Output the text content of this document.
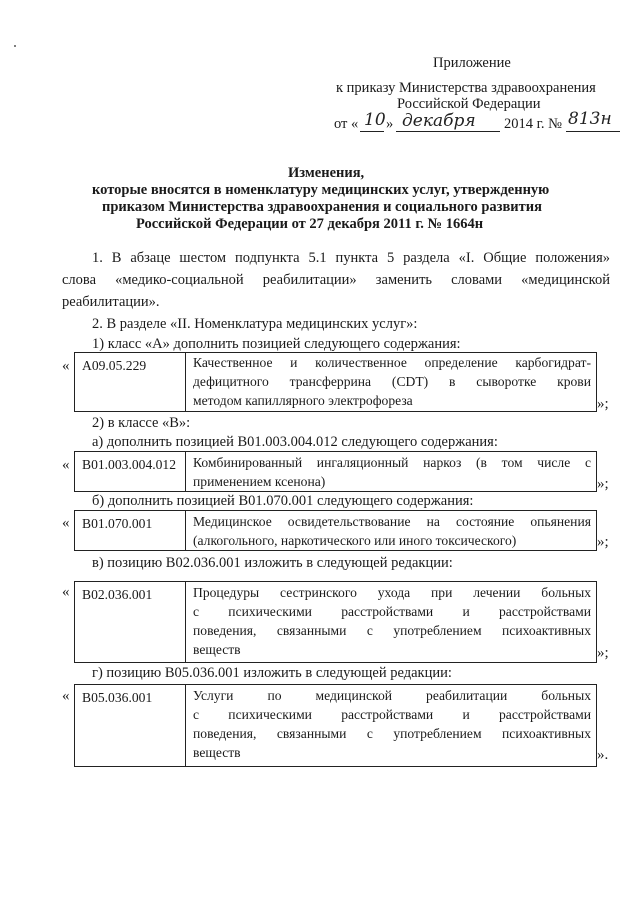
Приложение
к приказу Министерства здравоохранения
Российской Федерации
от « 10 » декабря 2014 г. № 813н
Изменения,
которые вносятся в номенклатуру медицинских услуг, утвержденную
приказом Министерства здравоохранения и социального развития
Российской Федерации от 27 декабря 2011 г. № 1664н
1. В абзаце шестом подпункта 5.1 пункта 5 раздела «I. Общие положения»
слова «медико-социальной реабилитации» заменить словами «медицинской
реабилитации».
2. В разделе «II. Номенклатура медицинских услуг»:
1) класс «А» дополнить позицией следующего содержания:
« А09.05.229	Качественное и количественное определение карбогидрат-
дефицитного трансферрина (CDT) в сыворотке крови
методом капиллярного электрофореза	»;
2) в классе «В»:
а) дополнить позицией В01.003.004.012 следующего содержания:
« В01.003.004.012 Комбинированный ингаляционный наркоз (в том числе с
применением ксенона)	»;
б) дополнить позицией В01.070.001 следующего содержания:
« В01.070.001	Медицинское освидетельствование на состояние опьянения
(алкогольного, наркотического или иного токсического)	»;
в) позицию В02.036.001 изложить в следующей редакции:
« В02.036.001	Процедуры сестринского ухода при лечении больных
с психическими расстройствами и расстройствами
поведения, связанными с употреблением психоактивных
веществ	»;
г) позицию В05.036.001 изложить в следующей редакции:
« В05.036.001	Услуги по медицинской реабилитации больных
с психическими расстройствами и расстройствами
поведения, связанными с употреблением психоактивных
веществ	».
